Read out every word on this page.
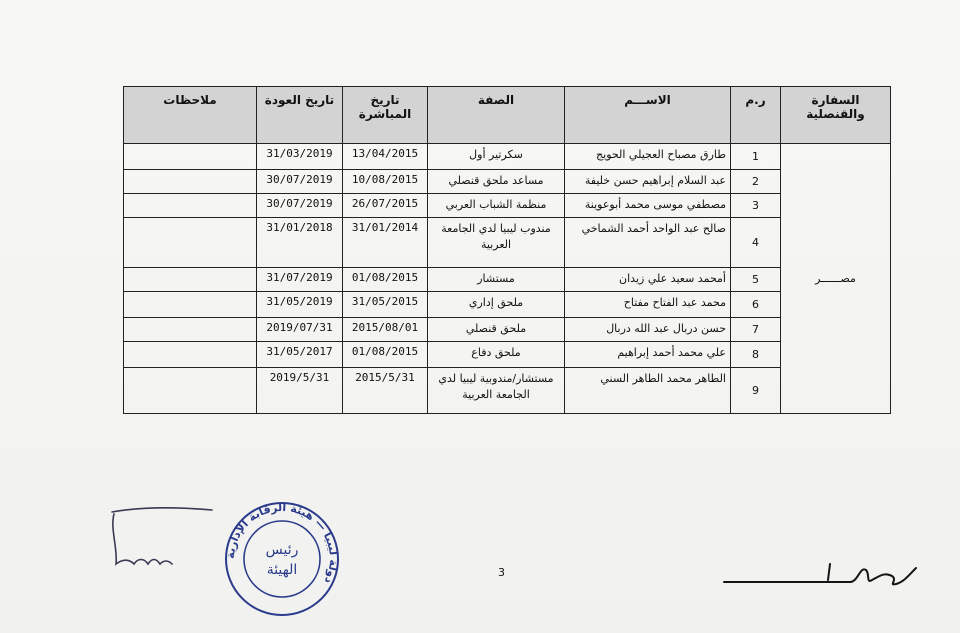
السفارة والقنصلية	ر.م	الاســـم	الصفة	تاريخ المباشرة	تاريخ العودة	ملاحظات
مصــــــر	1	طارق مصباح العجيلي الحويج	سكرتير أول	13/04/2015	31/03/2019	
	2	عبد السلام إبراهيم حسن خليفة	مساعد ملحق قنصلي	10/08/2015	30/07/2019	
	3	مصطفي موسى محمد أبوعوينة	منظمة الشباب العربي	26/07/2015	30/07/2019	
	4	صالح عبد الواحد أحمد الشماخي	مندوب ليبيا لدي الجامعة العربية	31/01/2014	31/01/2018	
	5	أمحمد سعيد علي زيدان	مستشار	01/08/2015	31/07/2019	
	6	محمد عبد الفتاح مفتاح	ملحق إداري	31/05/2015	31/05/2019	
	7	حسن دربال عبد الله دربال	ملحق قنصلي	2015/08/01	2019/07/31	
	8	علي محمد أحمد إبراهيم	ملحق دفاع	01/08/2015	31/05/2017	
	9	الطاهر محمد الطاهر السني	مستشار/مندوبية ليبيا لدي الجامعة العربية	2015/5/31	2019/5/31	
3
دولة ليبيا — هيئة الرقابة الإدارية
رئيس
الهيئة
